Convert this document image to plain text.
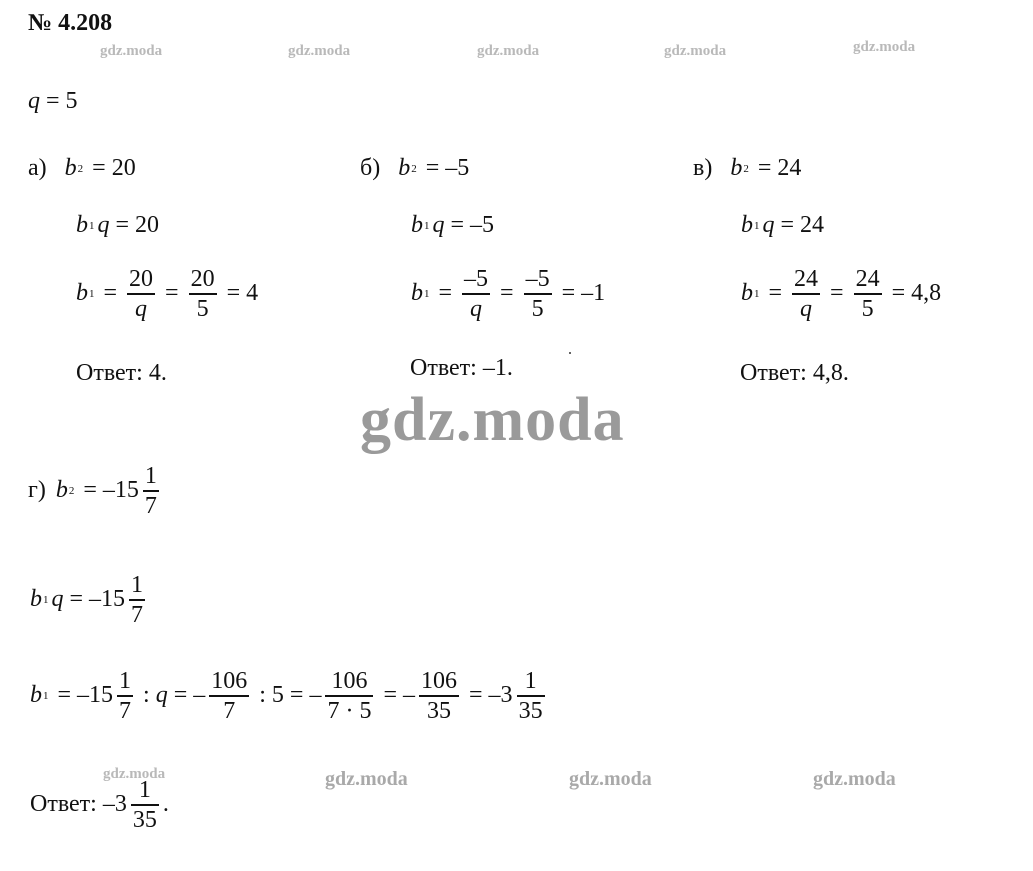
№ 4.208
gdz.moda	gdz.moda	gdz.moda	gdz.moda	gdz.moda
q = 5
а) b 2 = 20
b 1 q = 20
b $1 = \frac{20}{q} = \frac{20}{5} = 4$
Ответ: 4.
б) b 2 = –5
b 1 q = –5
b $1 = \frac{-5}{q} = \frac{-5}{5} = -1$
Ответ: –1.
в) b 2 = 24
b 1 q = 24
b $1 = \frac{24}{q} = \frac{24}{5} = 4,8$
Ответ: 4,8.
gdz.moda
г) b $2 = -15 \frac{1}{7}$
b 1 $q = -15 \frac{1}{7}$
b $1 = -15 \frac{1}{7}$ : q = – $\frac{106}{7}$ : 5 = – $\frac{106}{7 \cdot 5}$ = – $\frac{106}{35} = -3 \frac{1}{35}$
gdz.moda	gdz.moda	gdz.moda	gdz.moda
Ответ: $-3 \frac{1}{35}$ .
